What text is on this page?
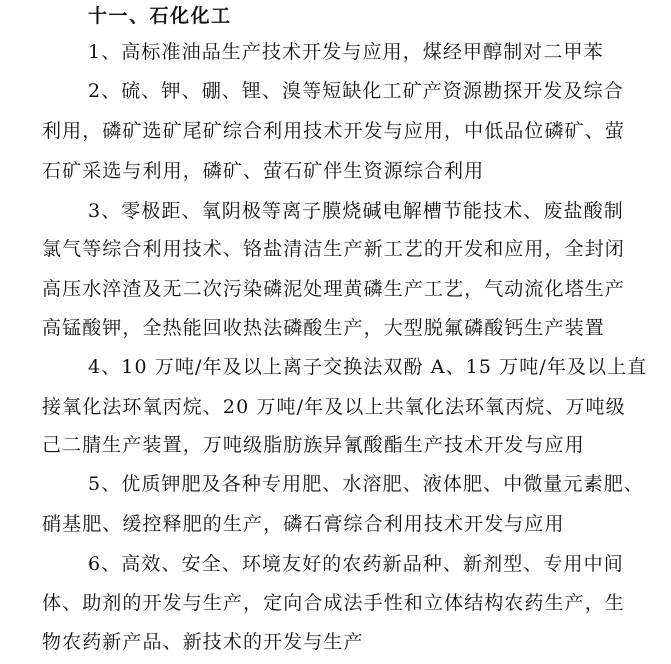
十一、石化化工
1、高标准油品生产技术开发与应用，煤经甲醇制对二甲苯
2、硫、钾、硼、锂、溴等短缺化工矿产资源勘探开发及综合
利用，磷矿选矿尾矿综合利用技术开发与应用，中低品位磷矿、萤
石矿采选与利用，磷矿、萤石矿伴生资源综合利用
3、零极距、氧阴极等离子膜烧碱电解槽节能技术、废盐酸制
氯气等综合利用技术、铬盐清洁生产新工艺的开发和应用，全封闭
高压水淬渣及无二次污染磷泥处理黄磷生产工艺，气动流化塔生产
高锰酸钾，全热能回收热法磷酸生产，大型脱氟磷酸钙生产装置
4、10 万吨/年及以上离子交换法双酚 A、15 万吨/年及以上直
接氧化法环氧丙烷、20 万吨/年及以上共氧化法环氧丙烷、万吨级
己二腈生产装置，万吨级脂肪族异氰酸酯生产技术开发与应用
5、优质钾肥及各种专用肥、水溶肥、液体肥、中微量元素肥、
硝基肥、缓控释肥的生产，磷石膏综合利用技术开发与应用
6、高效、安全、环境友好的农药新品种、新剂型、专用中间
体、助剂的开发与生产，定向合成法手性和立体结构农药生产，生
物农药新产品、新技术的开发与生产
